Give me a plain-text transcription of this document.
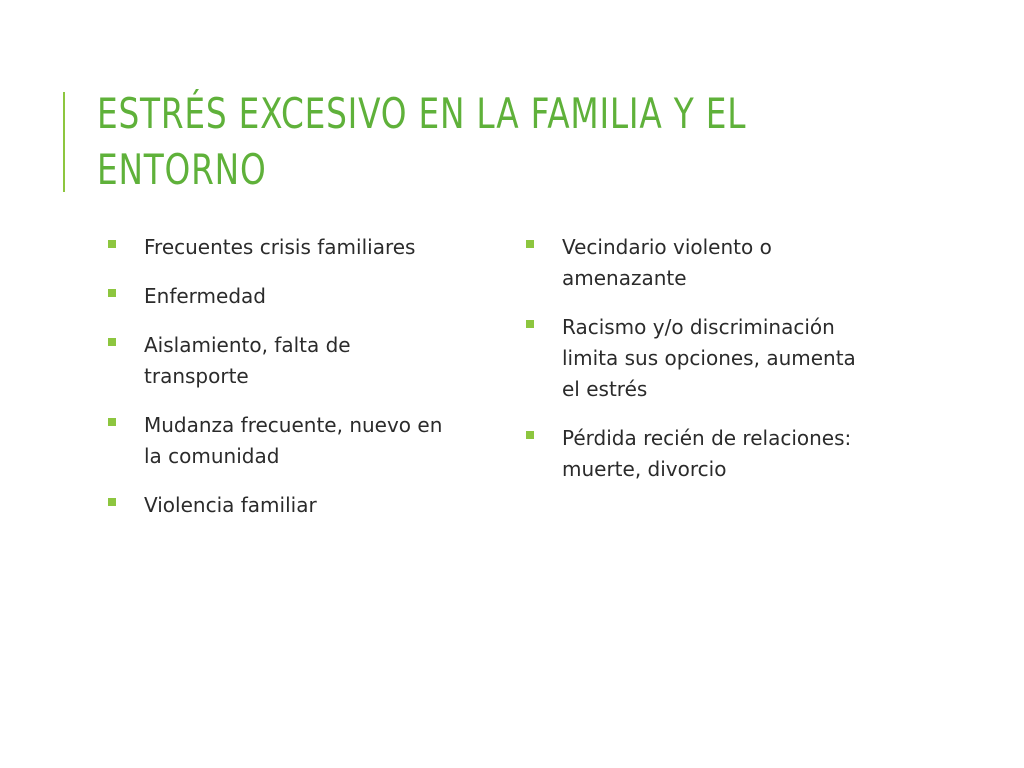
ESTRÉS EXCESIVO EN LA FAMILIA Y EL
ENTORNO
Frecuentes crisis familiares
Enfermedad
Aislamiento, falta de
transporte
Mudanza frecuente, nuevo en
la comunidad
Violencia familiar
Vecindario violento o
amenazante
Racismo y/o discriminación
limita sus opciones, aumenta
el estrés
Pérdida recién de relaciones:
muerte, divorcio
